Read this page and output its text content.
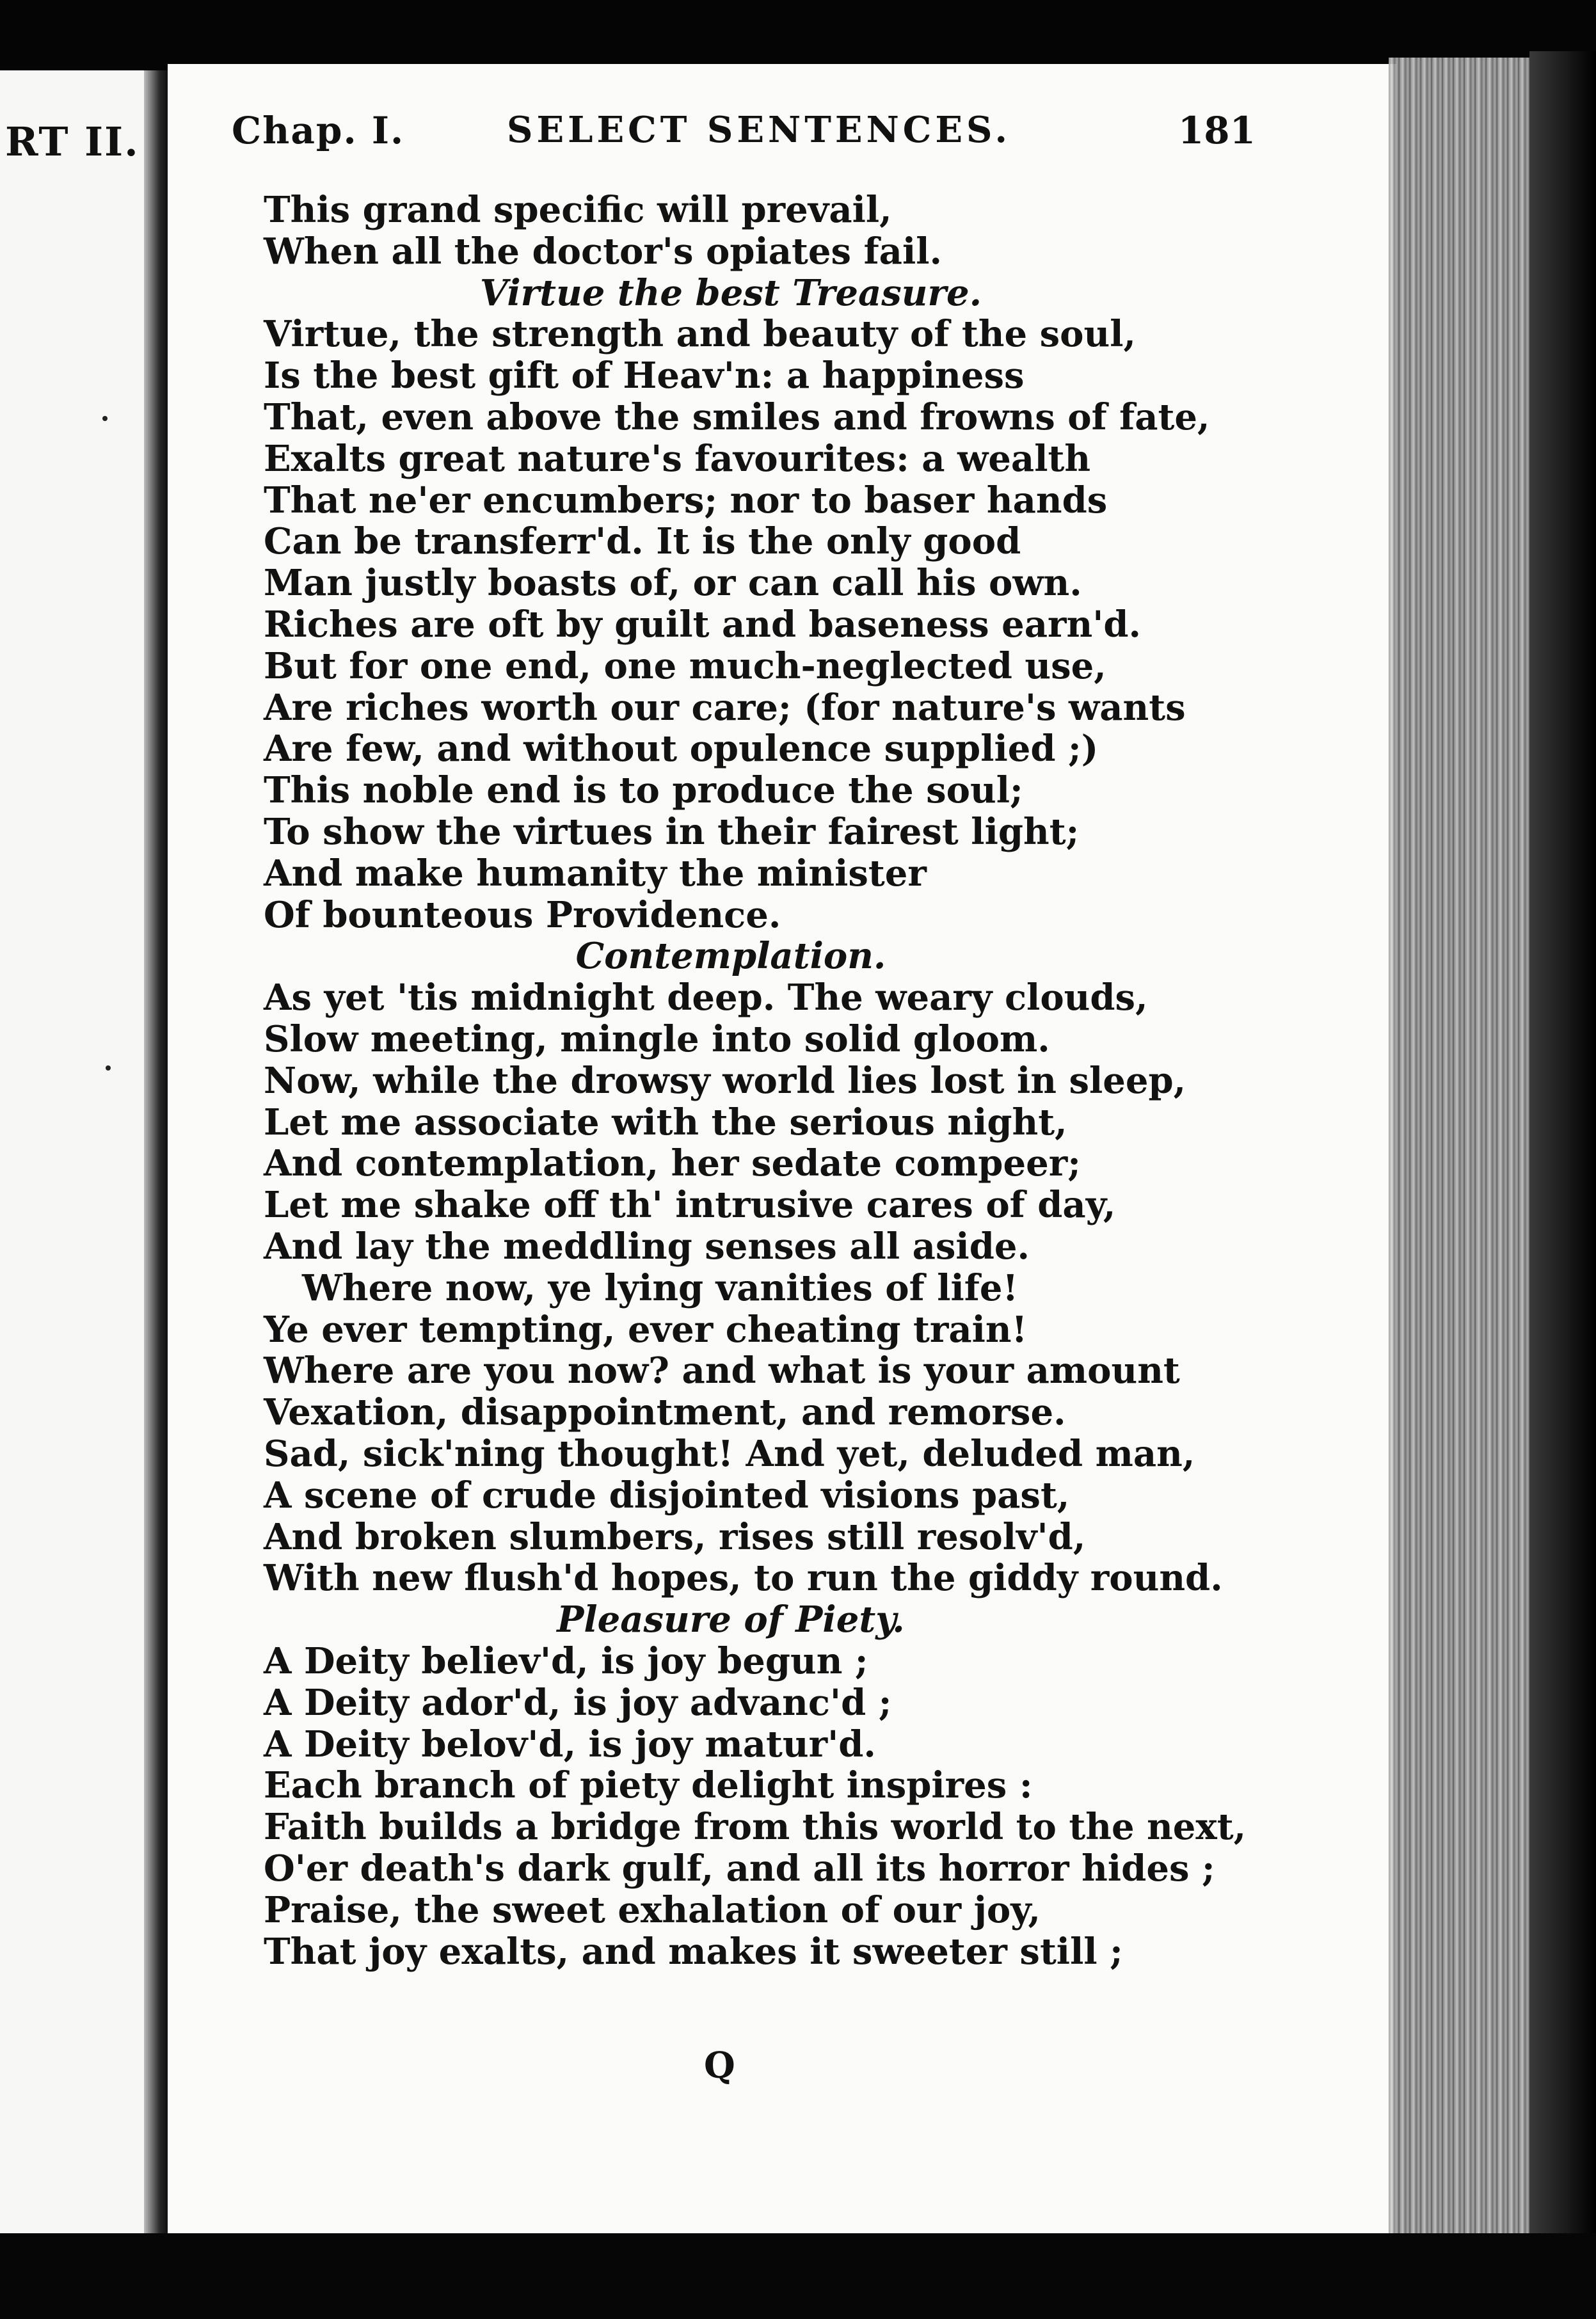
RT II. Chap. I.	SELECT SENTENCES.	181
This grand specific will prevail,
When all the doctor's opiates fail.
Virtue the best Treasure.
Virtue, the strength and beauty of the soul,
Is the best gift of Heav'n: a happiness
That, even above the smiles and frowns of fate,
Exalts great nature's favourites: a wealth
That ne'er encumbers; nor to baser hands
Can be transferr'd. It is the only good
Man justly boasts of, or can call his own.
Riches are oft by guilt and baseness earn'd.
But for one end, one much-neglected use,
Are riches worth our care; (for nature's wants
Are few, and without opulence supplied ;)
This noble end is to produce the soul;
To show the virtues in their fairest light;
And make humanity the minister
Of bounteous Providence.
Contemplation.
As yet 'tis midnight deep. The weary clouds,
Slow meeting, mingle into solid gloom.
Now, while the drowsy world lies lost in sleep,
Let me associate with the serious night,
And contemplation, her sedate compeer;
Let me shake off th' intrusive cares of day,
And lay the meddling senses all aside.
Where now, ye lying vanities of life!
Ye ever tempting, ever cheating train!
Where are you now? and what is your amount
Vexation, disappointment, and remorse.
Sad, sick'ning thought! And yet, deluded man,
A scene of crude disjointed visions past,
And broken slumbers, rises still resolv'd,
With new flush'd hopes, to run the giddy round.
Pleasure of Piety.
A Deity believ'd, is joy begun ;
A Deity ador'd, is joy advanc'd ;
A Deity belov'd, is joy matur'd.
Each branch of piety delight inspires :
Faith builds a bridge from this world to the next,
O'er death's dark gulf, and all its horror hides ;
Praise, the sweet exhalation of our joy,
That joy exalts, and makes it sweeter still ;
Q
